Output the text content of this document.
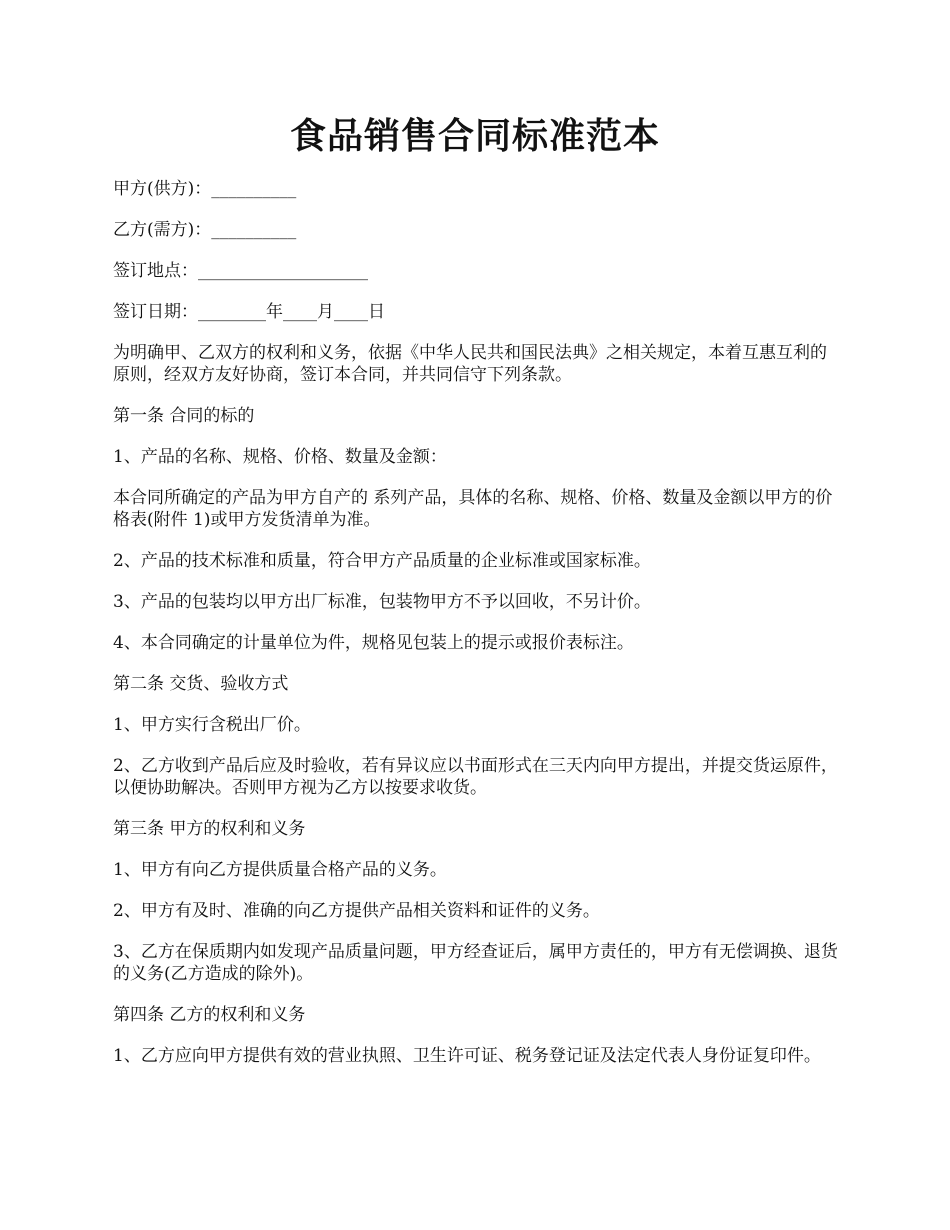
食品销售合同标准范本
甲方(供方)：__________
乙方(需方)：__________
签订地点：____________________
签订日期：________年____月____日

为明确甲、乙双方的权利和义务，依据《中华人民共和国民法典》之相关规定，本着互惠互利的原则，经双方友好协商，签订本合同，并共同信守下列条款。

第一条 合同的标的

1、产品的名称、规格、价格、数量及金额：

本合同所确定的产品为甲方自产的 系列产品，具体的名称、规格、价格、数量及金额以甲方的价格表(附件 1)或甲方发货清单为准。

2、产品的技术标准和质量，符合甲方产品质量的企业标准或国家标准。

3、产品的包装均以甲方出厂标准，包装物甲方不予以回收，不另计价。

4、本合同确定的计量单位为件，规格见包装上的提示或报价表标注。

第二条 交货、验收方式

1、甲方实行含税出厂价。

2、乙方收到产品后应及时验收，若有异议应以书面形式在三天内向甲方提出，并提交货运原件，以便协助解决。否则甲方视为乙方以按要求收货。

第三条 甲方的权利和义务

1、甲方有向乙方提供质量合格产品的义务。

2、甲方有及时、准确的向乙方提供产品相关资料和证件的义务。

3、乙方在保质期内如发现产品质量问题，甲方经查证后，属甲方责任的，甲方有无偿调换、退货的义务(乙方造成的除外)。

第四条 乙方的权利和义务

1、乙方应向甲方提供有效的营业执照、卫生许可证、税务登记证及法定代表人身份证复印件。
